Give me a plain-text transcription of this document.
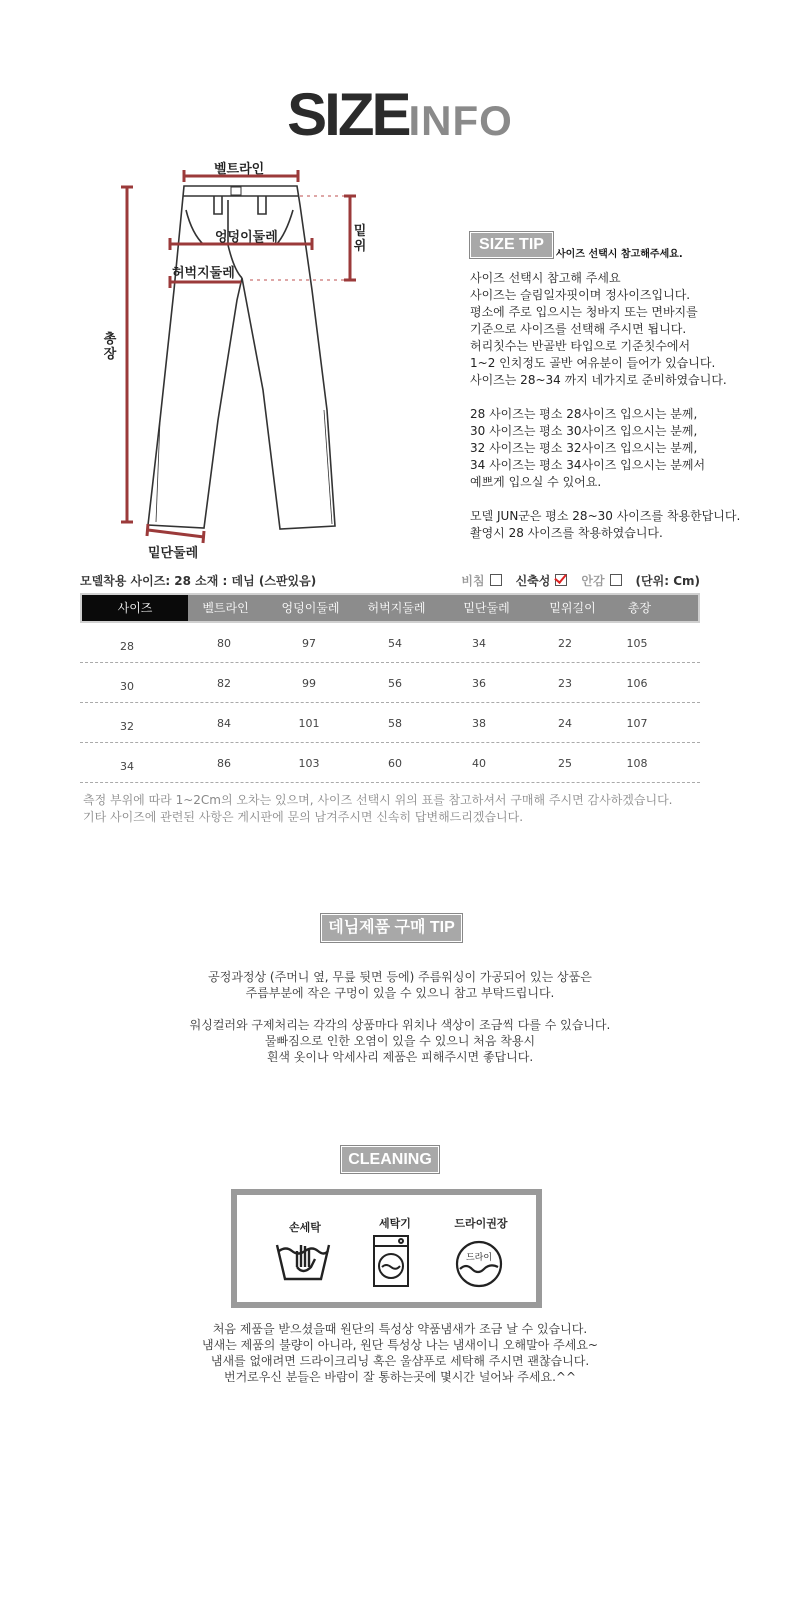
SIZEINFO
벨트라인
엉덩이둘레
허벅지둘레
밑
위
총
장
밑단둘레
SIZE TIP
사이즈 선택시 참고해주세요.

사이즈 선택시 참고해 주세요

사이즈는 슬림일자핏이며 정사이즈입니다.

평소에 주로 입으시는 청바지 또는 면바지를

기준으로 사이즈를 선택해 주시면 됩니다.

허리칫수는 반골반 타입으로 기준칫수에서

1~2 인치정도 골반 여유분이 들어가 있습니다.

사이즈는 28~34 까지 네가지로 준비하였습니다.

28 사이즈는 평소 28사이즈 입으시는 분께,

30 사이즈는 평소 30사이즈 입으시는 분께,

32 사이즈는 평소 32사이즈 입으시는 분께,

34 사이즈는 평소 34사이즈 입으시는 분께서

예쁘게 입으실 수 있어요.

모델 JUN군은 평소 28~30 사이즈를 착용한답니다.

촬영시 28 사이즈를 착용하였습니다.

모델착용 사이즈: 28 소재 : 데님 (스판있음)	비침	신축성	안감	(단위: Cm)
사이즈	벨트라인	엉덩이둘레	허벅지둘레	밑단둘레	밑위길이	총장
28	80	97	54	34	22	105
30	82	99	56	36	23	106
32	84	101	58	38	24	107
34	86	103	60	40	25	108

측정 부위에 따라 1~2Cm의 오차는 있으며, 사이즈 선택시 위의 표를 참고하셔서 구매해 주시면 감사하겠습니다.

기타 사이즈에 관련된 사항은 게시판에 문의 남겨주시면 신속히 답변해드리겠습니다.

데님제품 구매 TIP

공정과정상 (주머니 옆, 무릎 뒷면 등에) 주름워싱이 가공되어 있는 상품은

주름부분에 작은 구멍이 있을 수 있으니 참고 부탁드립니다.

워싱컬러와 구제처리는 각각의 상품마다 위치나 색상이 조금씩 다를 수 있습니다.

물빠짐으로 인한 오염이 있을 수 있으니 처음 착용시

흰색 옷이나 악세사리 제품은 피해주시면 좋답니다.

CLEANING
손세탁	세탁기	드라이권장
드라이

처음 제품을 받으셨을때 원단의 특성상 약품냄새가 조금 날 수 있습니다.

냄새는 제품의 불량이 아니라, 원단 특성상 나는 냄새이니 오해말아 주세요~

냄새를 없애려면 드라이크리닝 혹은 울샴푸로 세탁해 주시면 괜찮습니다.

번거로우신 분들은 바람이 잘 통하는곳에 몇시간 널어놔 주세요.^^
